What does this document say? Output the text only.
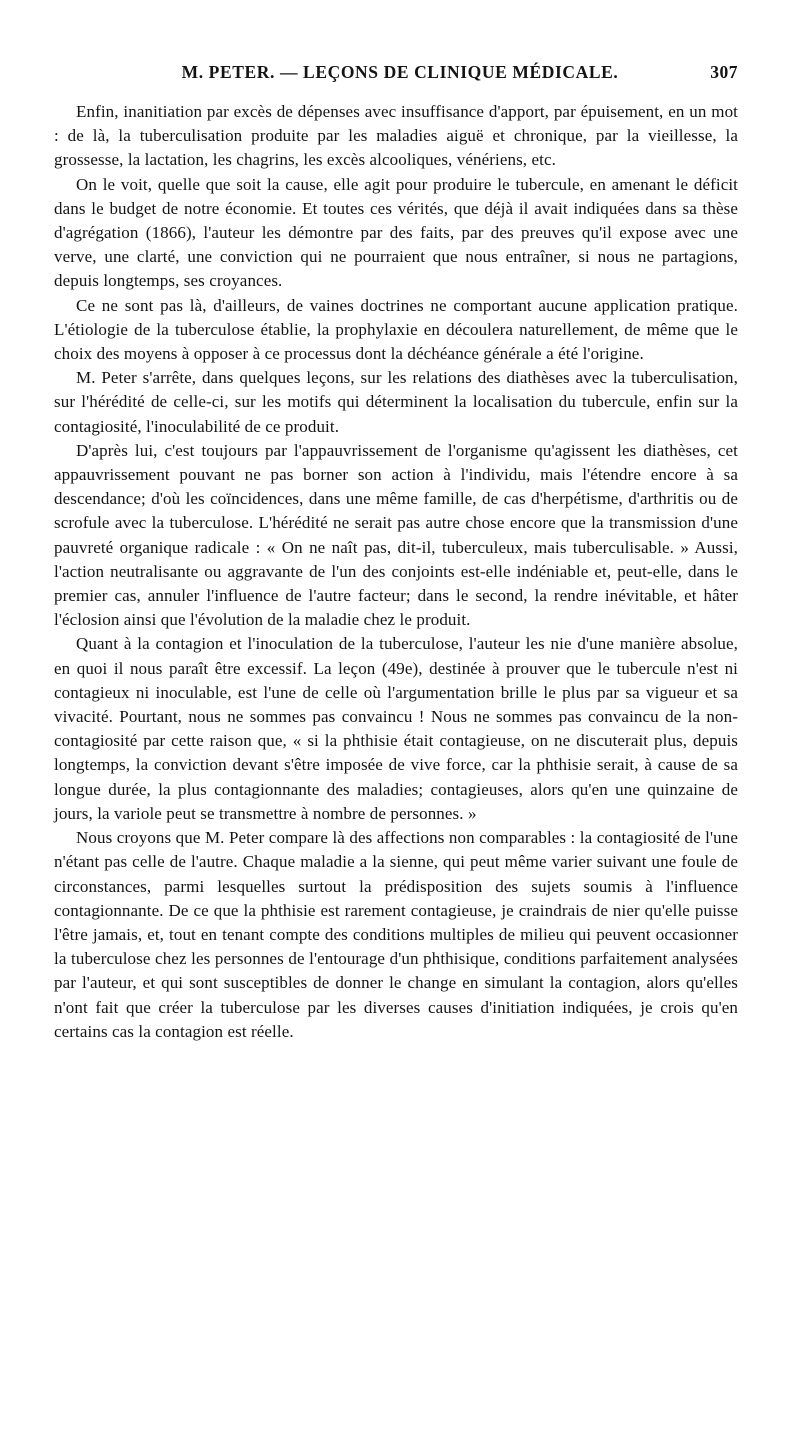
M. PETER. — LEÇONS DE CLINIQUE MÉDICALE.	307

Enfin, inanitiation par excès de dépenses avec insuffisance d'apport, par épuisement, en un mot : de là, la tuberculisation produite par les maladies aiguë et chronique, par la vieillesse, la grossesse, la lactation, les chagrins, les excès alcooliques, vénériens, etc.

On le voit, quelle que soit la cause, elle agit pour produire le tubercule, en amenant le déficit dans le budget de notre économie. Et toutes ces vérités, que déjà il avait indiquées dans sa thèse d'agrégation (1866), l'auteur les démontre par des faits, par des preuves qu'il expose avec une verve, une clarté, une conviction qui ne pourraient que nous entraîner, si nous ne partagions, depuis longtemps, ses croyances.

Ce ne sont pas là, d'ailleurs, de vaines doctrines ne comportant aucune application pratique. L'étiologie de la tuberculose établie, la prophylaxie en découlera naturellement, de même que le choix des moyens à opposer à ce processus dont la déchéance générale a été l'origine.

M. Peter s'arrête, dans quelques leçons, sur les relations des diathèses avec la tuberculisation, sur l'hérédité de celle-ci, sur les motifs qui déterminent la localisation du tubercule, enfin sur la contagiosité, l'inoculabilité de ce produit.

D'après lui, c'est toujours par l'appauvrissement de l'organisme qu'agissent les diathèses, cet appauvrissement pouvant ne pas borner son action à l'individu, mais l'étendre encore à sa descendance; d'où les coïncidences, dans une même famille, de cas d'herpétisme, d'arthritis ou de scrofule avec la tuberculose. L'hérédité ne serait pas autre chose encore que la transmission d'une pauvreté organique radicale : « On ne naît pas, dit-il, tuberculeux, mais tuberculisable. » Aussi, l'action neutralisante ou aggravante de l'un des conjoints est-elle indéniable et, peut-elle, dans le premier cas, annuler l'influence de l'autre facteur; dans le second, la rendre inévitable, et hâter l'éclosion ainsi que l'évolution de la maladie chez le produit.

Quant à la contagion et l'inoculation de la tuberculose, l'auteur les nie d'une manière absolue, en quoi il nous paraît être excessif. La leçon (49e), destinée à prouver que le tubercule n'est ni contagieux ni inoculable, est l'une de celle où l'argumentation brille le plus par sa vigueur et sa vivacité. Pourtant, nous ne sommes pas convaincu ! Nous ne sommes pas convaincu de la non-contagiosité par cette raison que, « si la phthisie était contagieuse, on ne discuterait plus, depuis longtemps, la conviction devant s'être imposée de vive force, car la phthisie serait, à cause de sa longue durée, la plus contagionnante des maladies; contagieuses, alors qu'en une quinzaine de jours, la variole peut se transmettre à nombre de personnes. »

Nous croyons que M. Peter compare là des affections non comparables : la contagiosité de l'une n'étant pas celle de l'autre. Chaque maladie a la sienne, qui peut même varier suivant une foule de circonstances, parmi lesquelles surtout la prédisposition des sujets soumis à l'influence contagionnante. De ce que la phthisie est rarement contagieuse, je craindrais de nier qu'elle puisse l'être jamais, et, tout en tenant compte des conditions multiples de milieu qui peuvent occasionner la tuberculose chez les personnes de l'entourage d'un phthisique, conditions parfaitement analysées par l'auteur, et qui sont susceptibles de donner le change en simulant la contagion, alors qu'elles n'ont fait que créer la tuberculose par les diverses causes d'initiation indiquées, je crois qu'en certains cas la contagion est réelle.
